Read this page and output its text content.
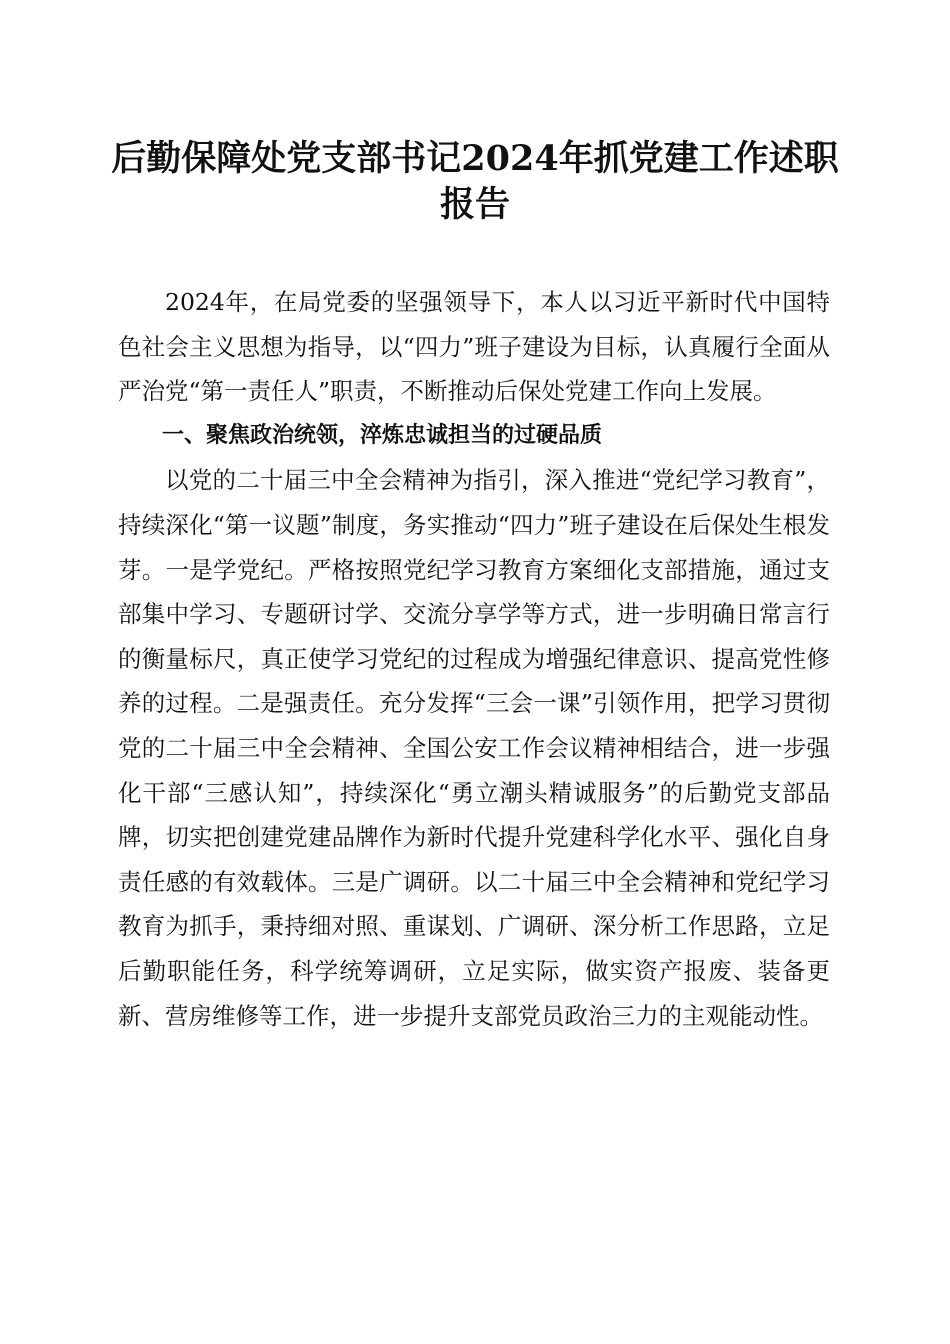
后勤保障处党支部书记2024年抓党建工作述职报告

2024年，在局党委的坚强领导下，本人以习近平新时代中国特色社会主义思想为指导，以“四力”班子建设为目标，认真履行全面从严治党“第一责任人”职责，不断推动后保处党建工作向上发展。

一、聚焦政治统领，淬炼忠诚担当的过硬品质

以党的二十届三中全会精神为指引，深入推进“党纪学习教育”，持续深化“第一议题”制度，务实推动“四力”班子建设在后保处生根发芽。一是学党纪。严格按照党纪学习教育方案细化支部措施，通过支部集中学习、专题研讨学、交流分享学等方式，进一步明确日常言行的衡量标尺，真正使学习党纪的过程成为增强纪律意识、提高党性修养的过程。二是强责任。充分发挥“三会一课”引领作用，把学习贯彻党的二十届三中全会精神、全国公安工作会议精神相结合，进一步强化干部“三感认知”，持续深化“勇立潮头精诚服务”的后勤党支部品牌，切实把创建党建品牌作为新时代提升党建科学化水平、强化自身责任感的有效载体。三是广调研。以二十届三中全会精神和党纪学习教育为抓手，秉持细对照、重谋划、广调研、深分析工作思路，立足后勤职能任务，科学统筹调研，立足实际，做实资产报废、装备更新、营房维修等工作，进一步提升支部党员政治三力的主观能动性。
